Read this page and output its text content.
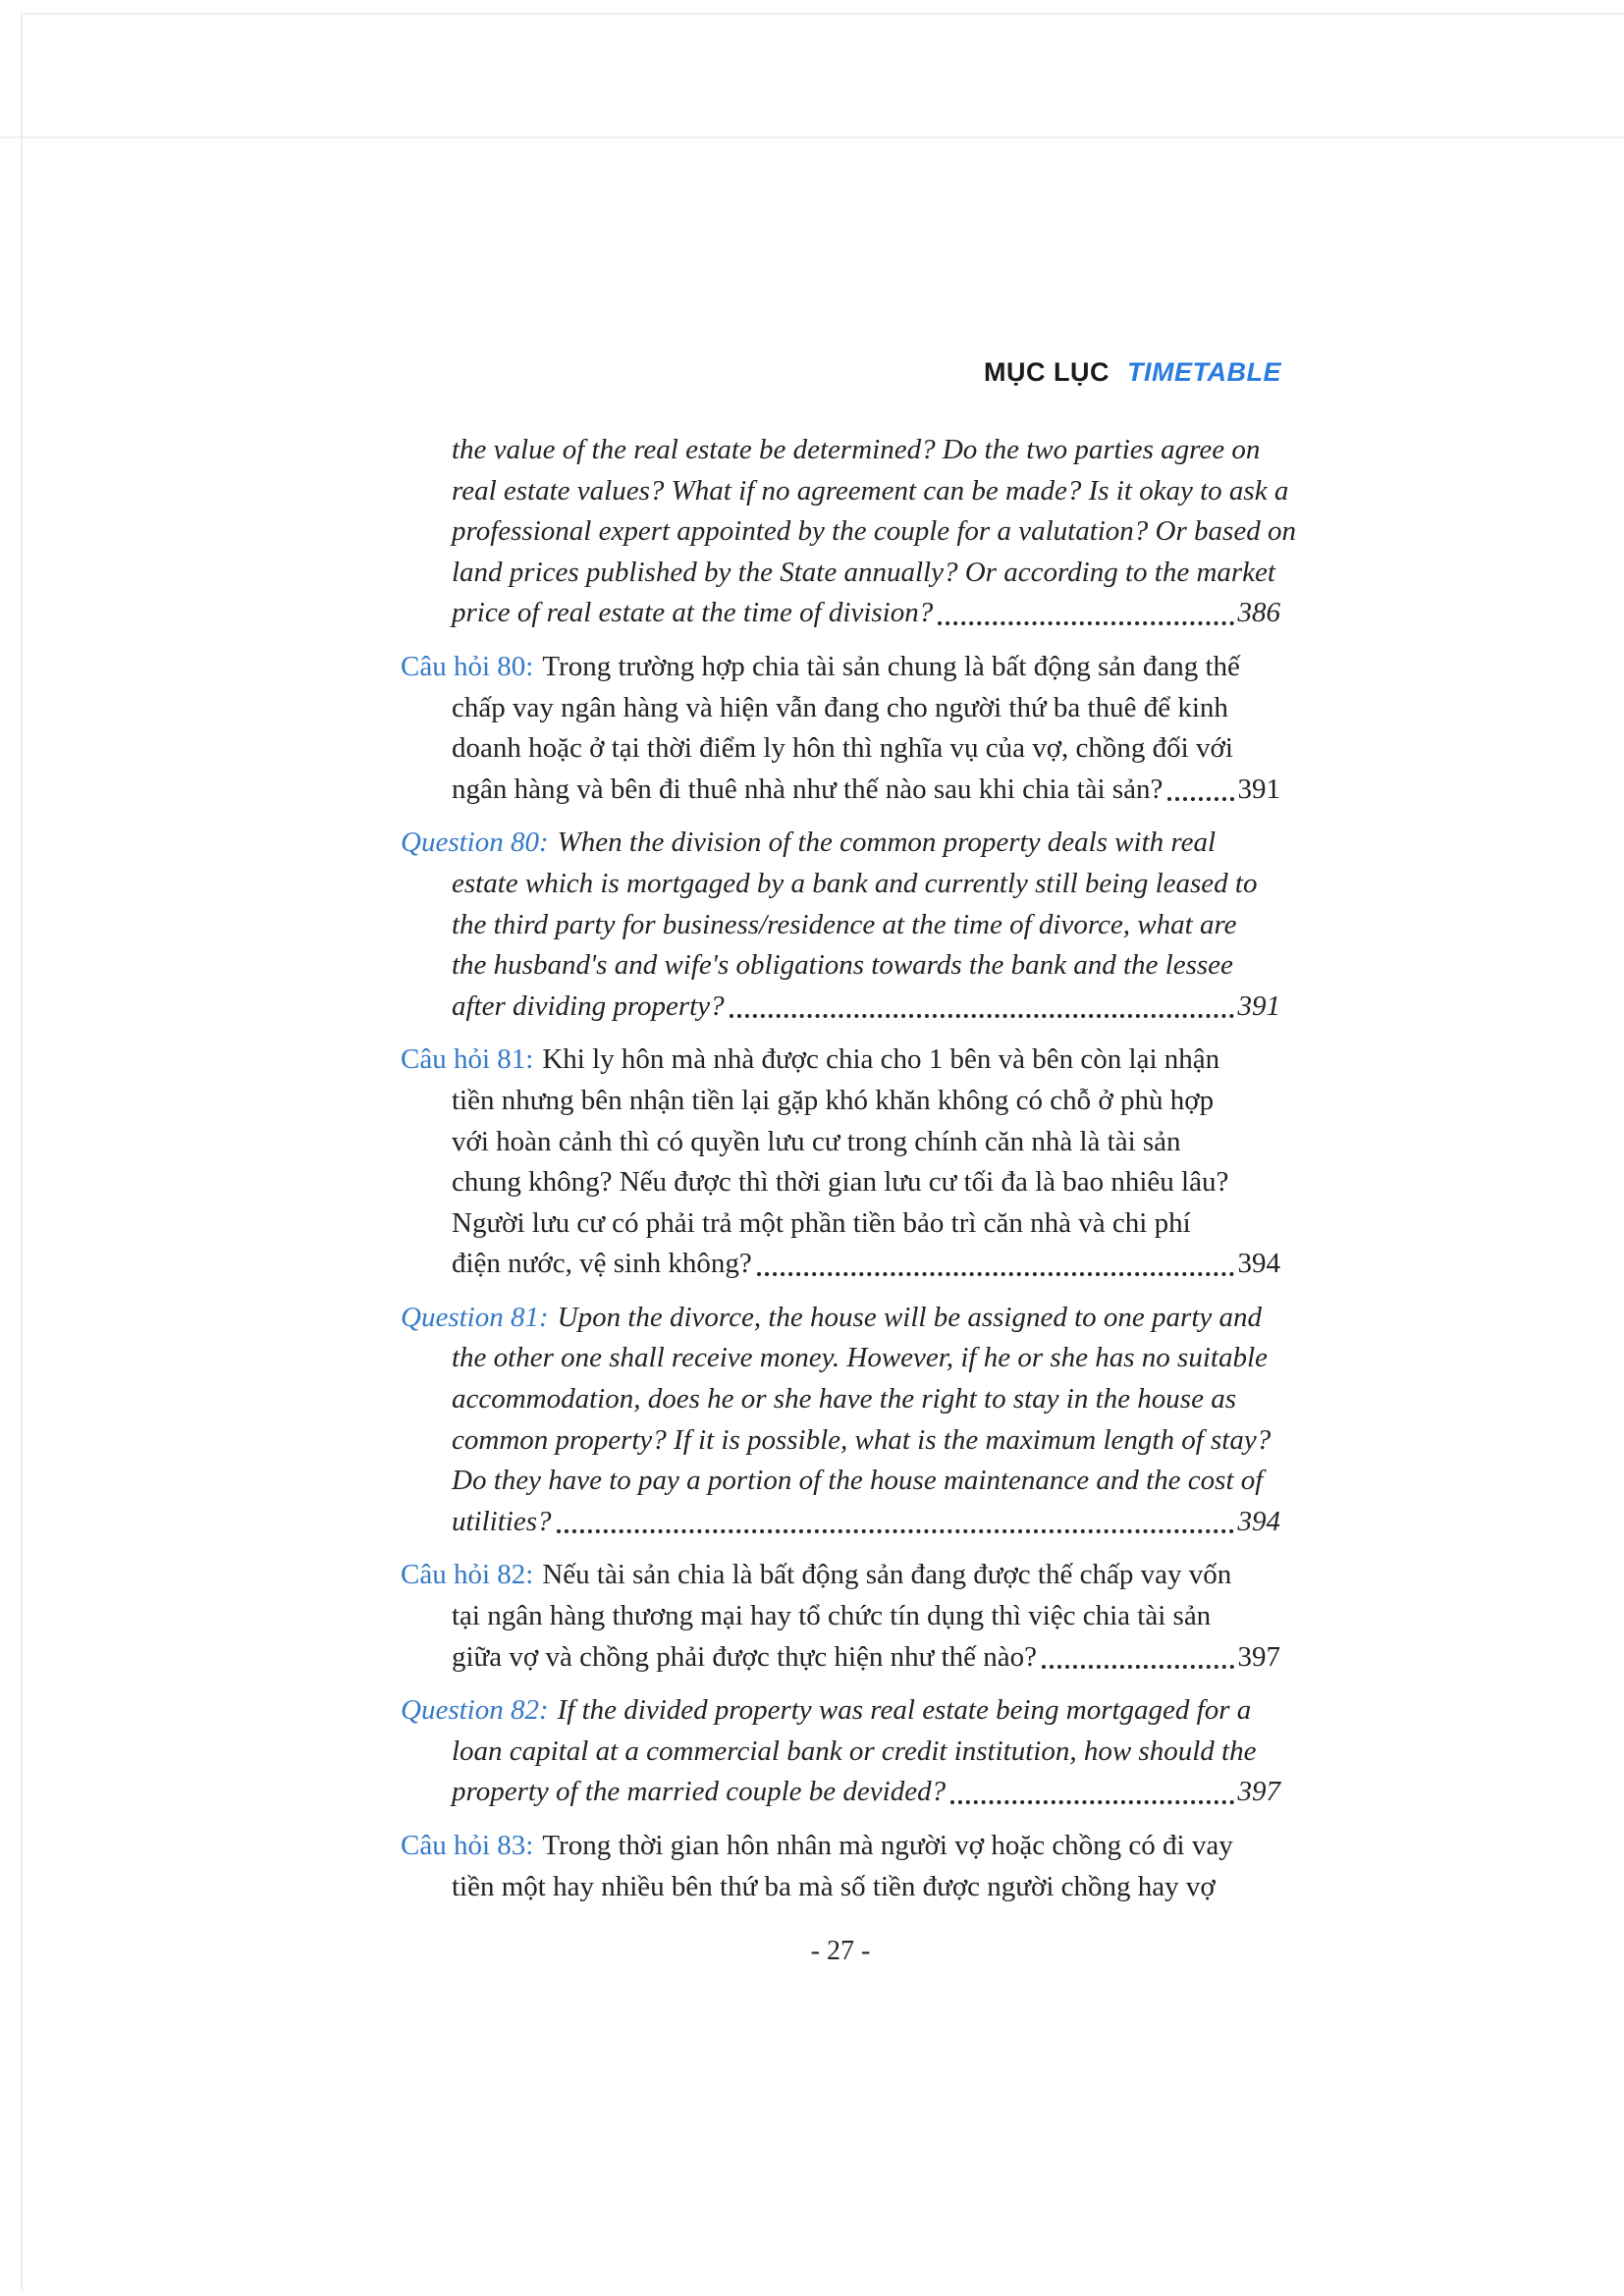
MỤC LỤC TIMETABLE
the value of the real estate be determined? Do the two parties agree on
real estate values? What if no agreement can be made? Is it okay to ask a
professional expert appointed by the couple for a valutation? Or based on
land prices published by the State annually? Or according to the market
price of real estate at the time of division?	386
Câu hỏi 80: Trong trường hợp chia tài sản chung là bất động sản đang thế
chấp vay ngân hàng và hiện vẫn đang cho người thứ ba thuê để kinh
doanh hoặc ở tại thời điểm ly hôn thì nghĩa vụ của vợ, chồng đối với
ngân hàng và bên đi thuê nhà như thế nào sau khi chia tài sản?	391
Question 80: When the division of the common property deals with real
estate which is mortgaged by a bank and currently still being leased to
the third party for business/residence at the time of divorce, what are
the husband's and wife's obligations towards the bank and the lessee
after dividing property?	391
Câu hỏi 81: Khi ly hôn mà nhà được chia cho 1 bên và bên còn lại nhận
tiền nhưng bên nhận tiền lại gặp khó khăn không có chỗ ở phù hợp
với hoàn cảnh thì có quyền lưu cư trong chính căn nhà là tài sản
chung không? Nếu được thì thời gian lưu cư tối đa là bao nhiêu lâu?
Người lưu cư có phải trả một phần tiền bảo trì căn nhà và chi phí
điện nước, vệ sinh không?	394
Question 81: Upon the divorce, the house will be assigned to one party and
the other one shall receive money. However, if he or she has no suitable
accommodation, does he or she have the right to stay in the house as
common property? If it is possible, what is the maximum length of stay?
Do they have to pay a portion of the house maintenance and the cost of
utilities?	394
Câu hỏi 82: Nếu tài sản chia là bất động sản đang được thế chấp vay vốn
tại ngân hàng thương mại hay tổ chức tín dụng thì việc chia tài sản
giữa vợ và chồng phải được thực hiện như thế nào?	397
Question 82: If the divided property was real estate being mortgaged for a
loan capital at a commercial bank or credit institution, how should the
property of the married couple be devided?	397
Câu hỏi 83: Trong thời gian hôn nhân mà người vợ hoặc chồng có đi vay
tiền một hay nhiều bên thứ ba mà số tiền được người chồng hay vợ
- 27 -
